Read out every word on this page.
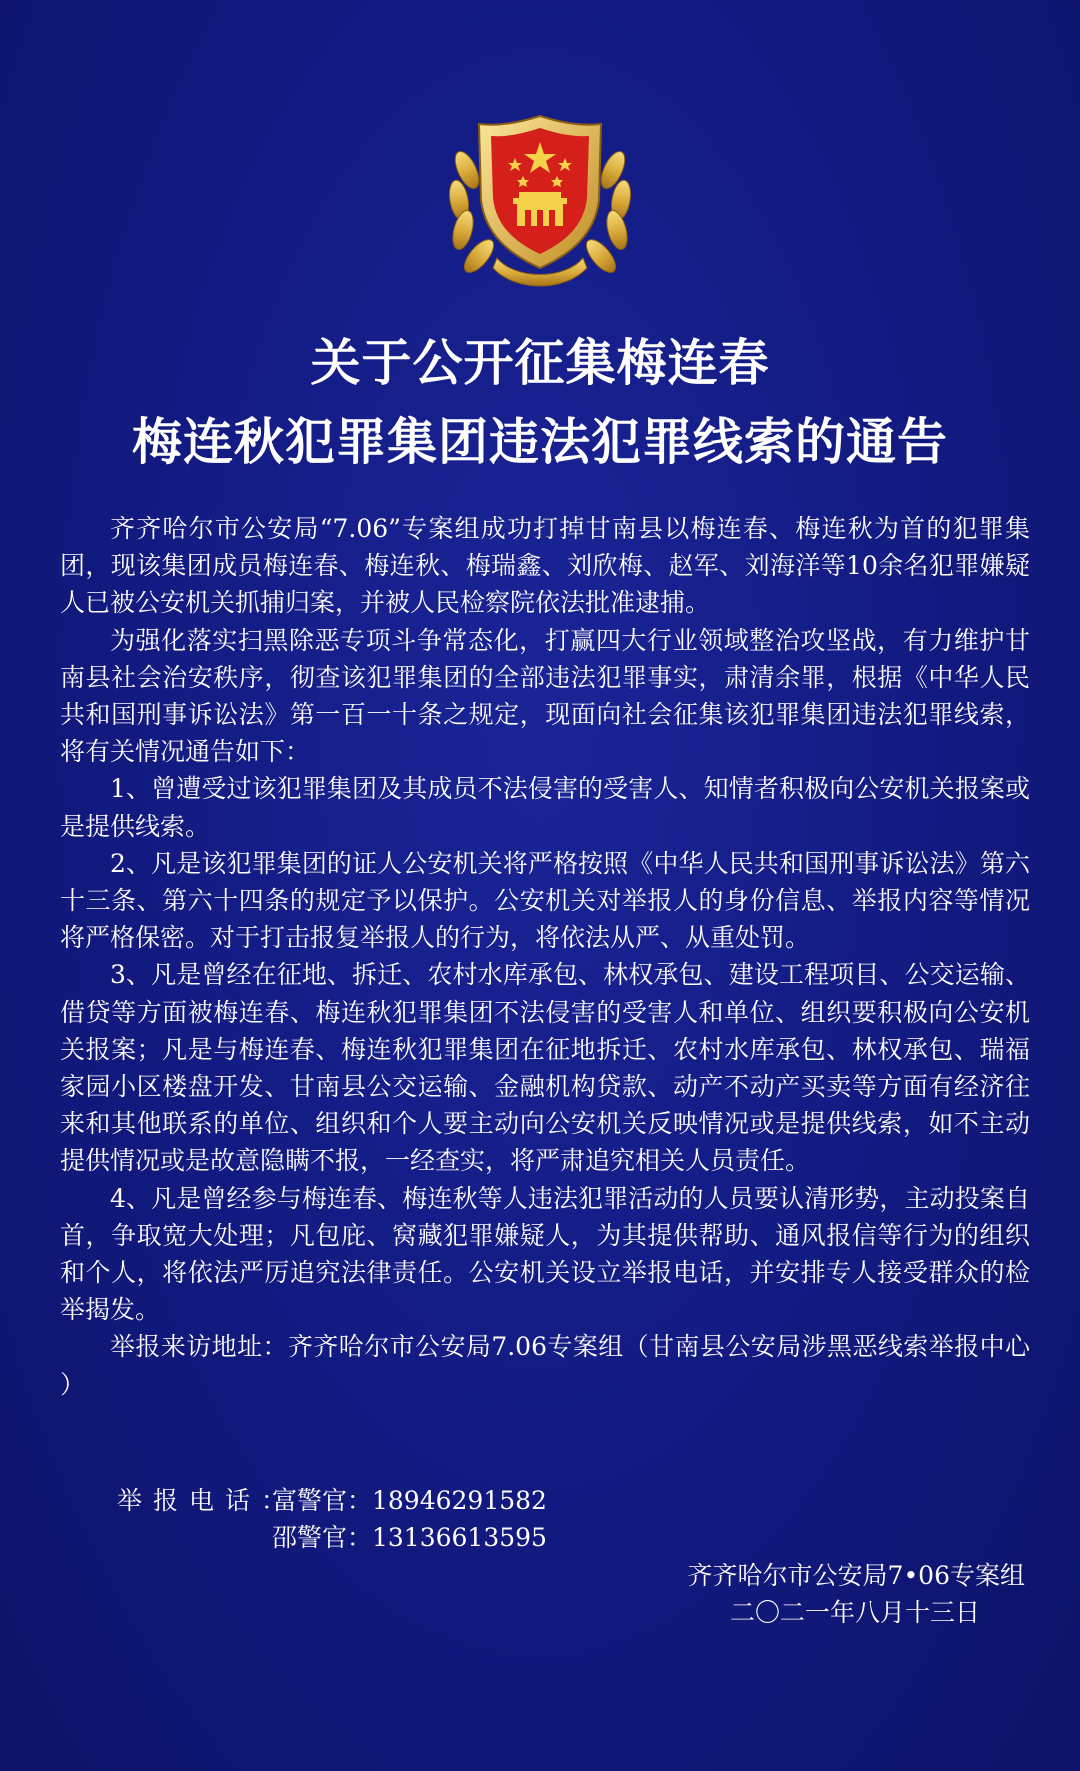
关于公开征集梅连春
梅连秋犯罪集团违法犯罪线索的通告

齐齐哈尔市公安局“7.06”专案组成功打掉甘南县以梅连春、梅连秋为首的犯罪集团，现该集团成员梅连春、梅连秋、梅瑞鑫、刘欣梅、赵军、刘海洋等10余名犯罪嫌疑人已被公安机关抓捕归案，并被人民检察院依法批准逮捕。

为强化落实扫黑除恶专项斗争常态化，打赢四大行业领域整治攻坚战，有力维护甘南县社会治安秩序，彻查该犯罪集团的全部违法犯罪事实，肃清余罪，根据《中华人民共和国刑事诉讼法》第一百一十条之规定，现面向社会征集该犯罪集团违法犯罪线索，将有关情况通告如下：

1、曾遭受过该犯罪集团及其成员不法侵害的受害人、知情者积极向公安机关报案或是提供线索。

2、凡是该犯罪集团的证人公安机关将严格按照《中华人民共和国刑事诉讼法》第六十三条、第六十四条的规定予以保护。公安机关对举报人的身份信息、举报内容等情况将严格保密。对于打击报复举报人的行为，将依法从严、从重处罚。

3、凡是曾经在征地、拆迁、农村水库承包、林权承包、建设工程项目、公交运输、借贷等方面被梅连春、梅连秋犯罪集团不法侵害的受害人和单位、组织要积极向公安机关报案；凡是与梅连春、梅连秋犯罪集团在征地拆迁、农村水库承包、林权承包、瑞福家园小区楼盘开发、甘南县公交运输、金融机构贷款、动产不动产买卖等方面有经济往来和其他联系的单位、组织和个人要主动向公安机关反映情况或是提供线索，如不主动提供情况或是故意隐瞒不报，一经查实，将严肃追究相关人员责任。

4、凡是曾经参与梅连春、梅连秋等人违法犯罪活动的人员要认清形势，主动投案自首，争取宽大处理；凡包庇、窝藏犯罪嫌疑人，为其提供帮助、通风报信等行为的组织和个人，将依法严厉追究法律责任。公安机关设立举报电话，并安排专人接受群众的检举揭发。

举报来访地址：齐齐哈尔市公安局7.06专案组（甘南县公安局涉黑恶线索举报中心 ）

举报电话：富警官：18946291582
邵警官：13136613595
齐齐哈尔市公安局7•06专案组
二〇二一年八月十三日
